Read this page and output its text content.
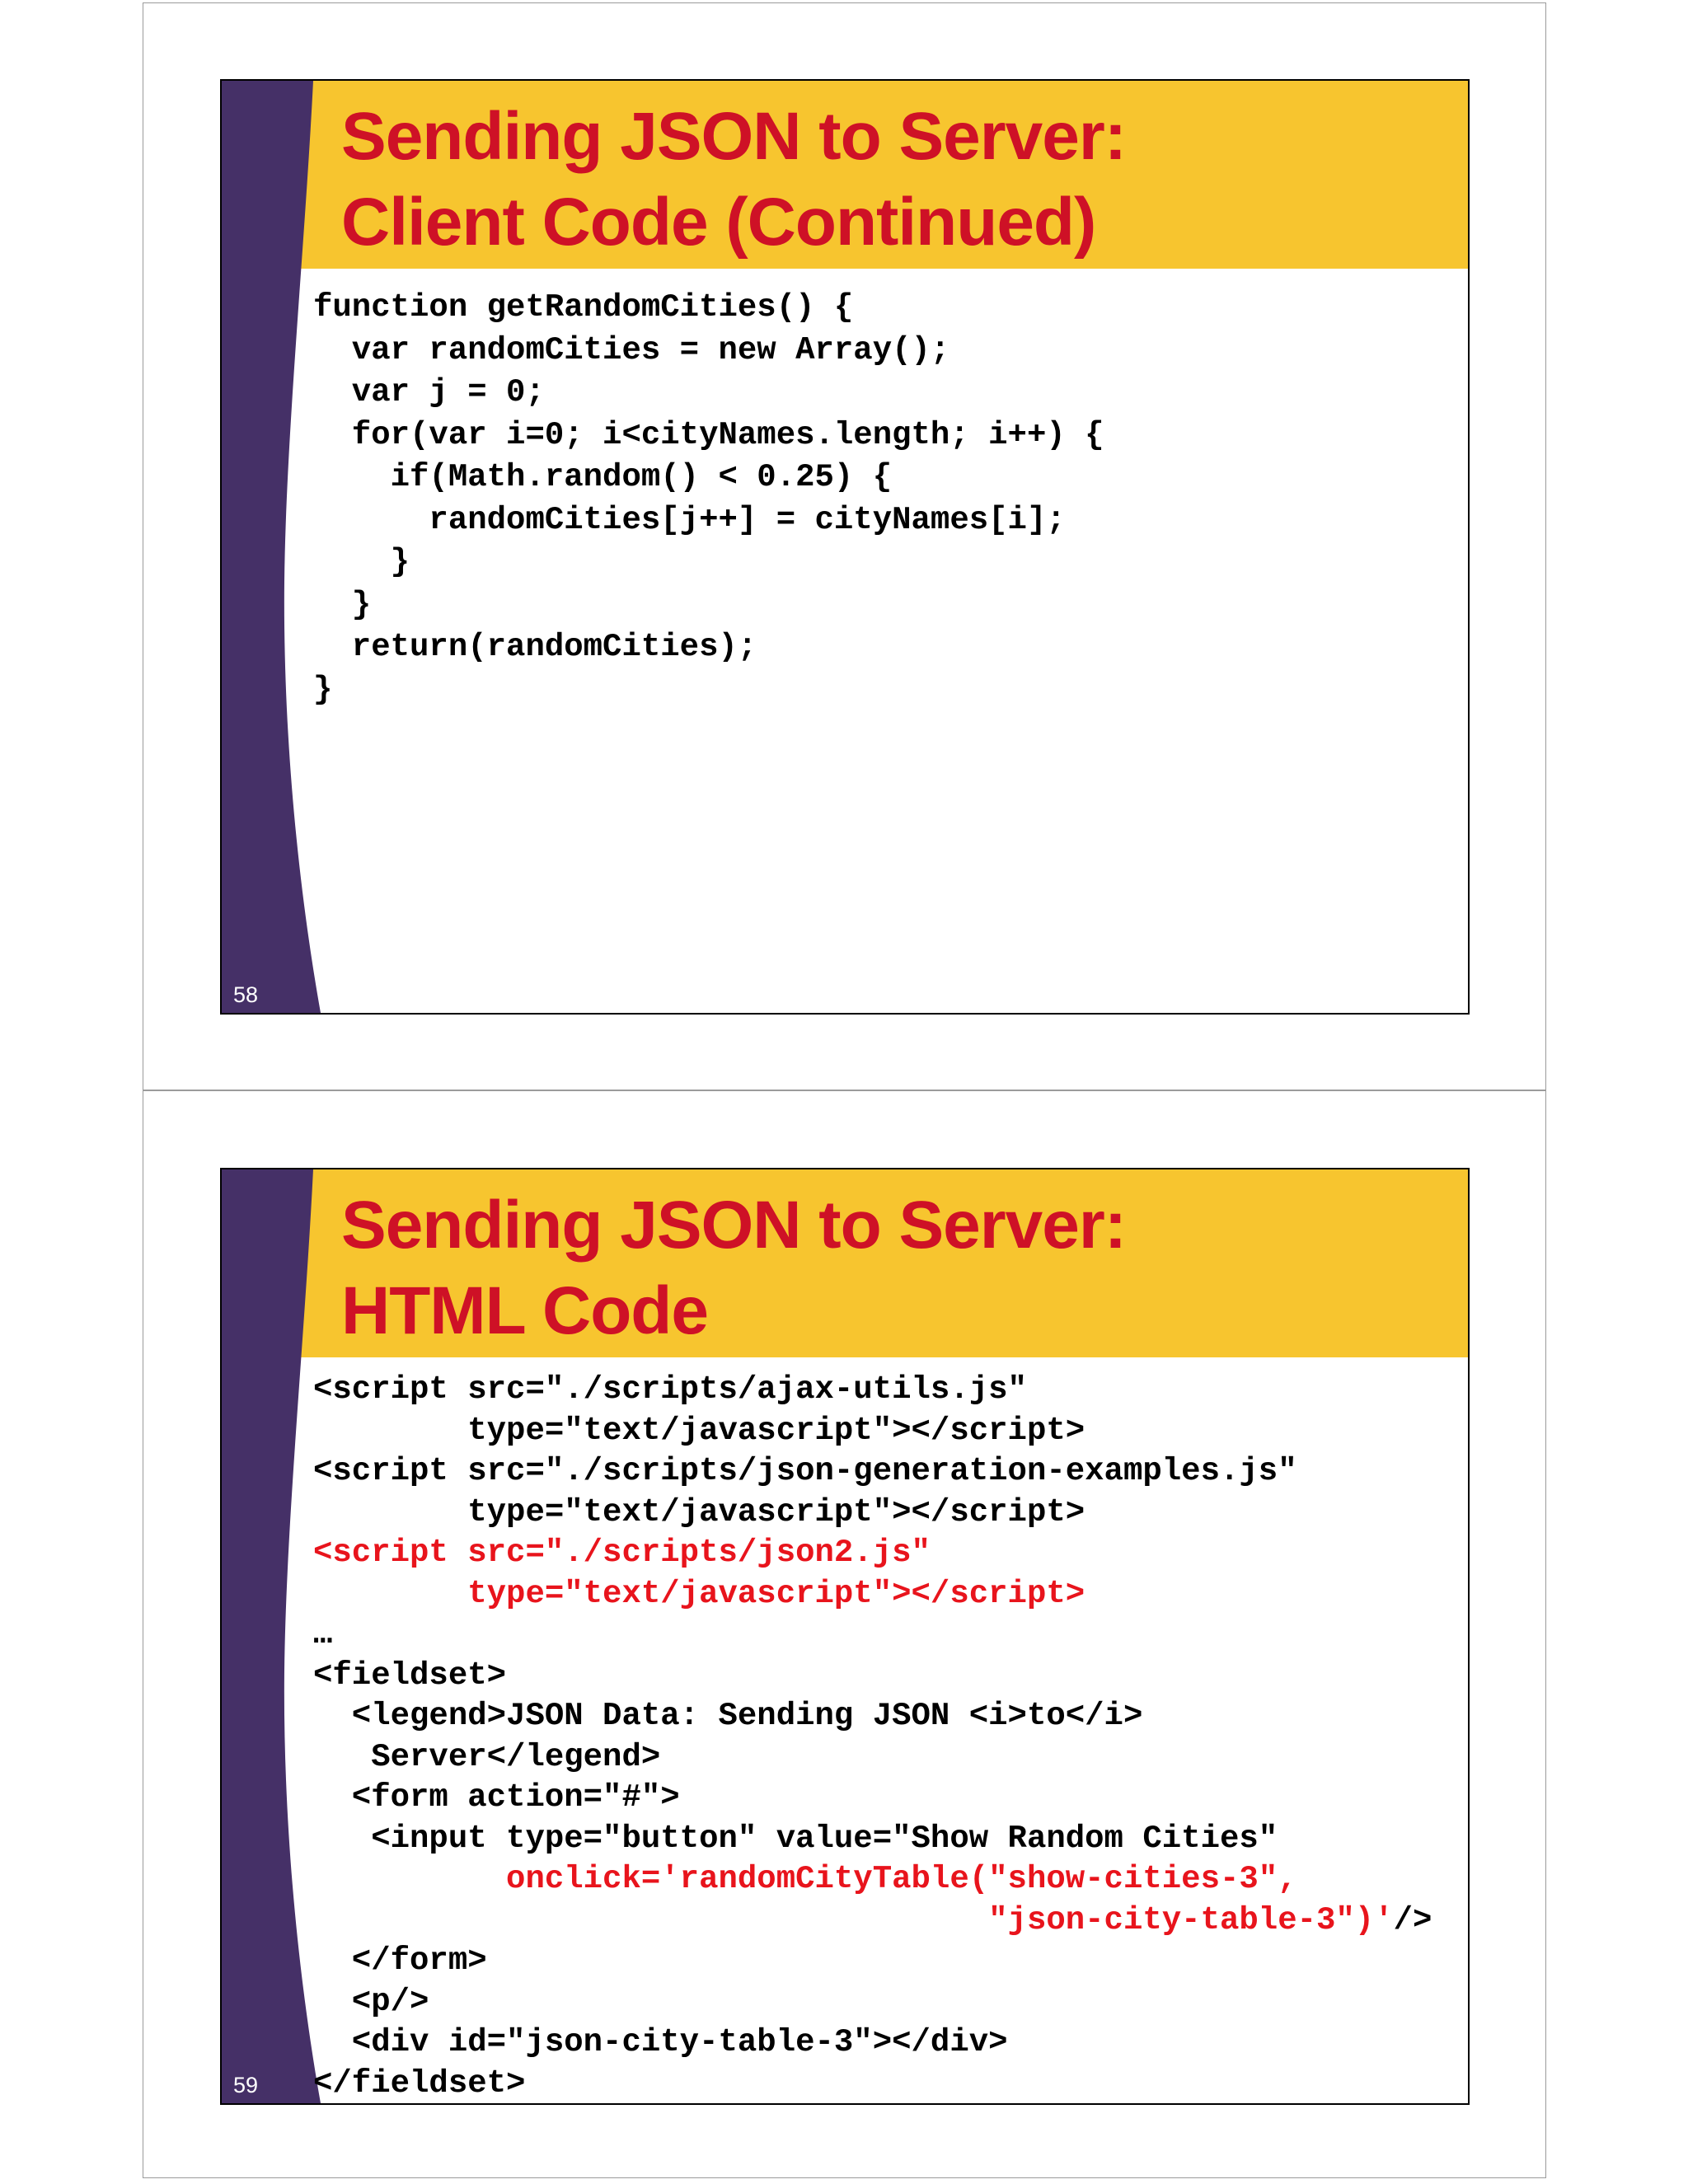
Sending JSON to Server:
Client Code (Continued)
function getRandomCities() {
var randomCities = new Array();
var j = 0;
for(var i=0; i<cityNames.length; i++) {
if(Math.random() < 0.25) {
randomCities[j++] = cityNames[i];
}
}
return(randomCities);
}
58
Sending JSON to Server:
HTML Code
<script src="./scripts/ajax-utils.js"
type="text/javascript"></script>
<script src="./scripts/json-generation-examples.js"
type="text/javascript"></script>
<script src="./scripts/json2.js"
type="text/javascript"></script>
…
<fieldset>
<legend>JSON Data: Sending JSON <i>to</i>
Server</legend>
<form action="#">
<input type="button" value="Show Random Cities"
onclick='randomCityTable("show-cities-3",
"json-city-table-3")'/>
</form>
<p/>
<div id="json-city-table-3"></div>
</fieldset>
59
